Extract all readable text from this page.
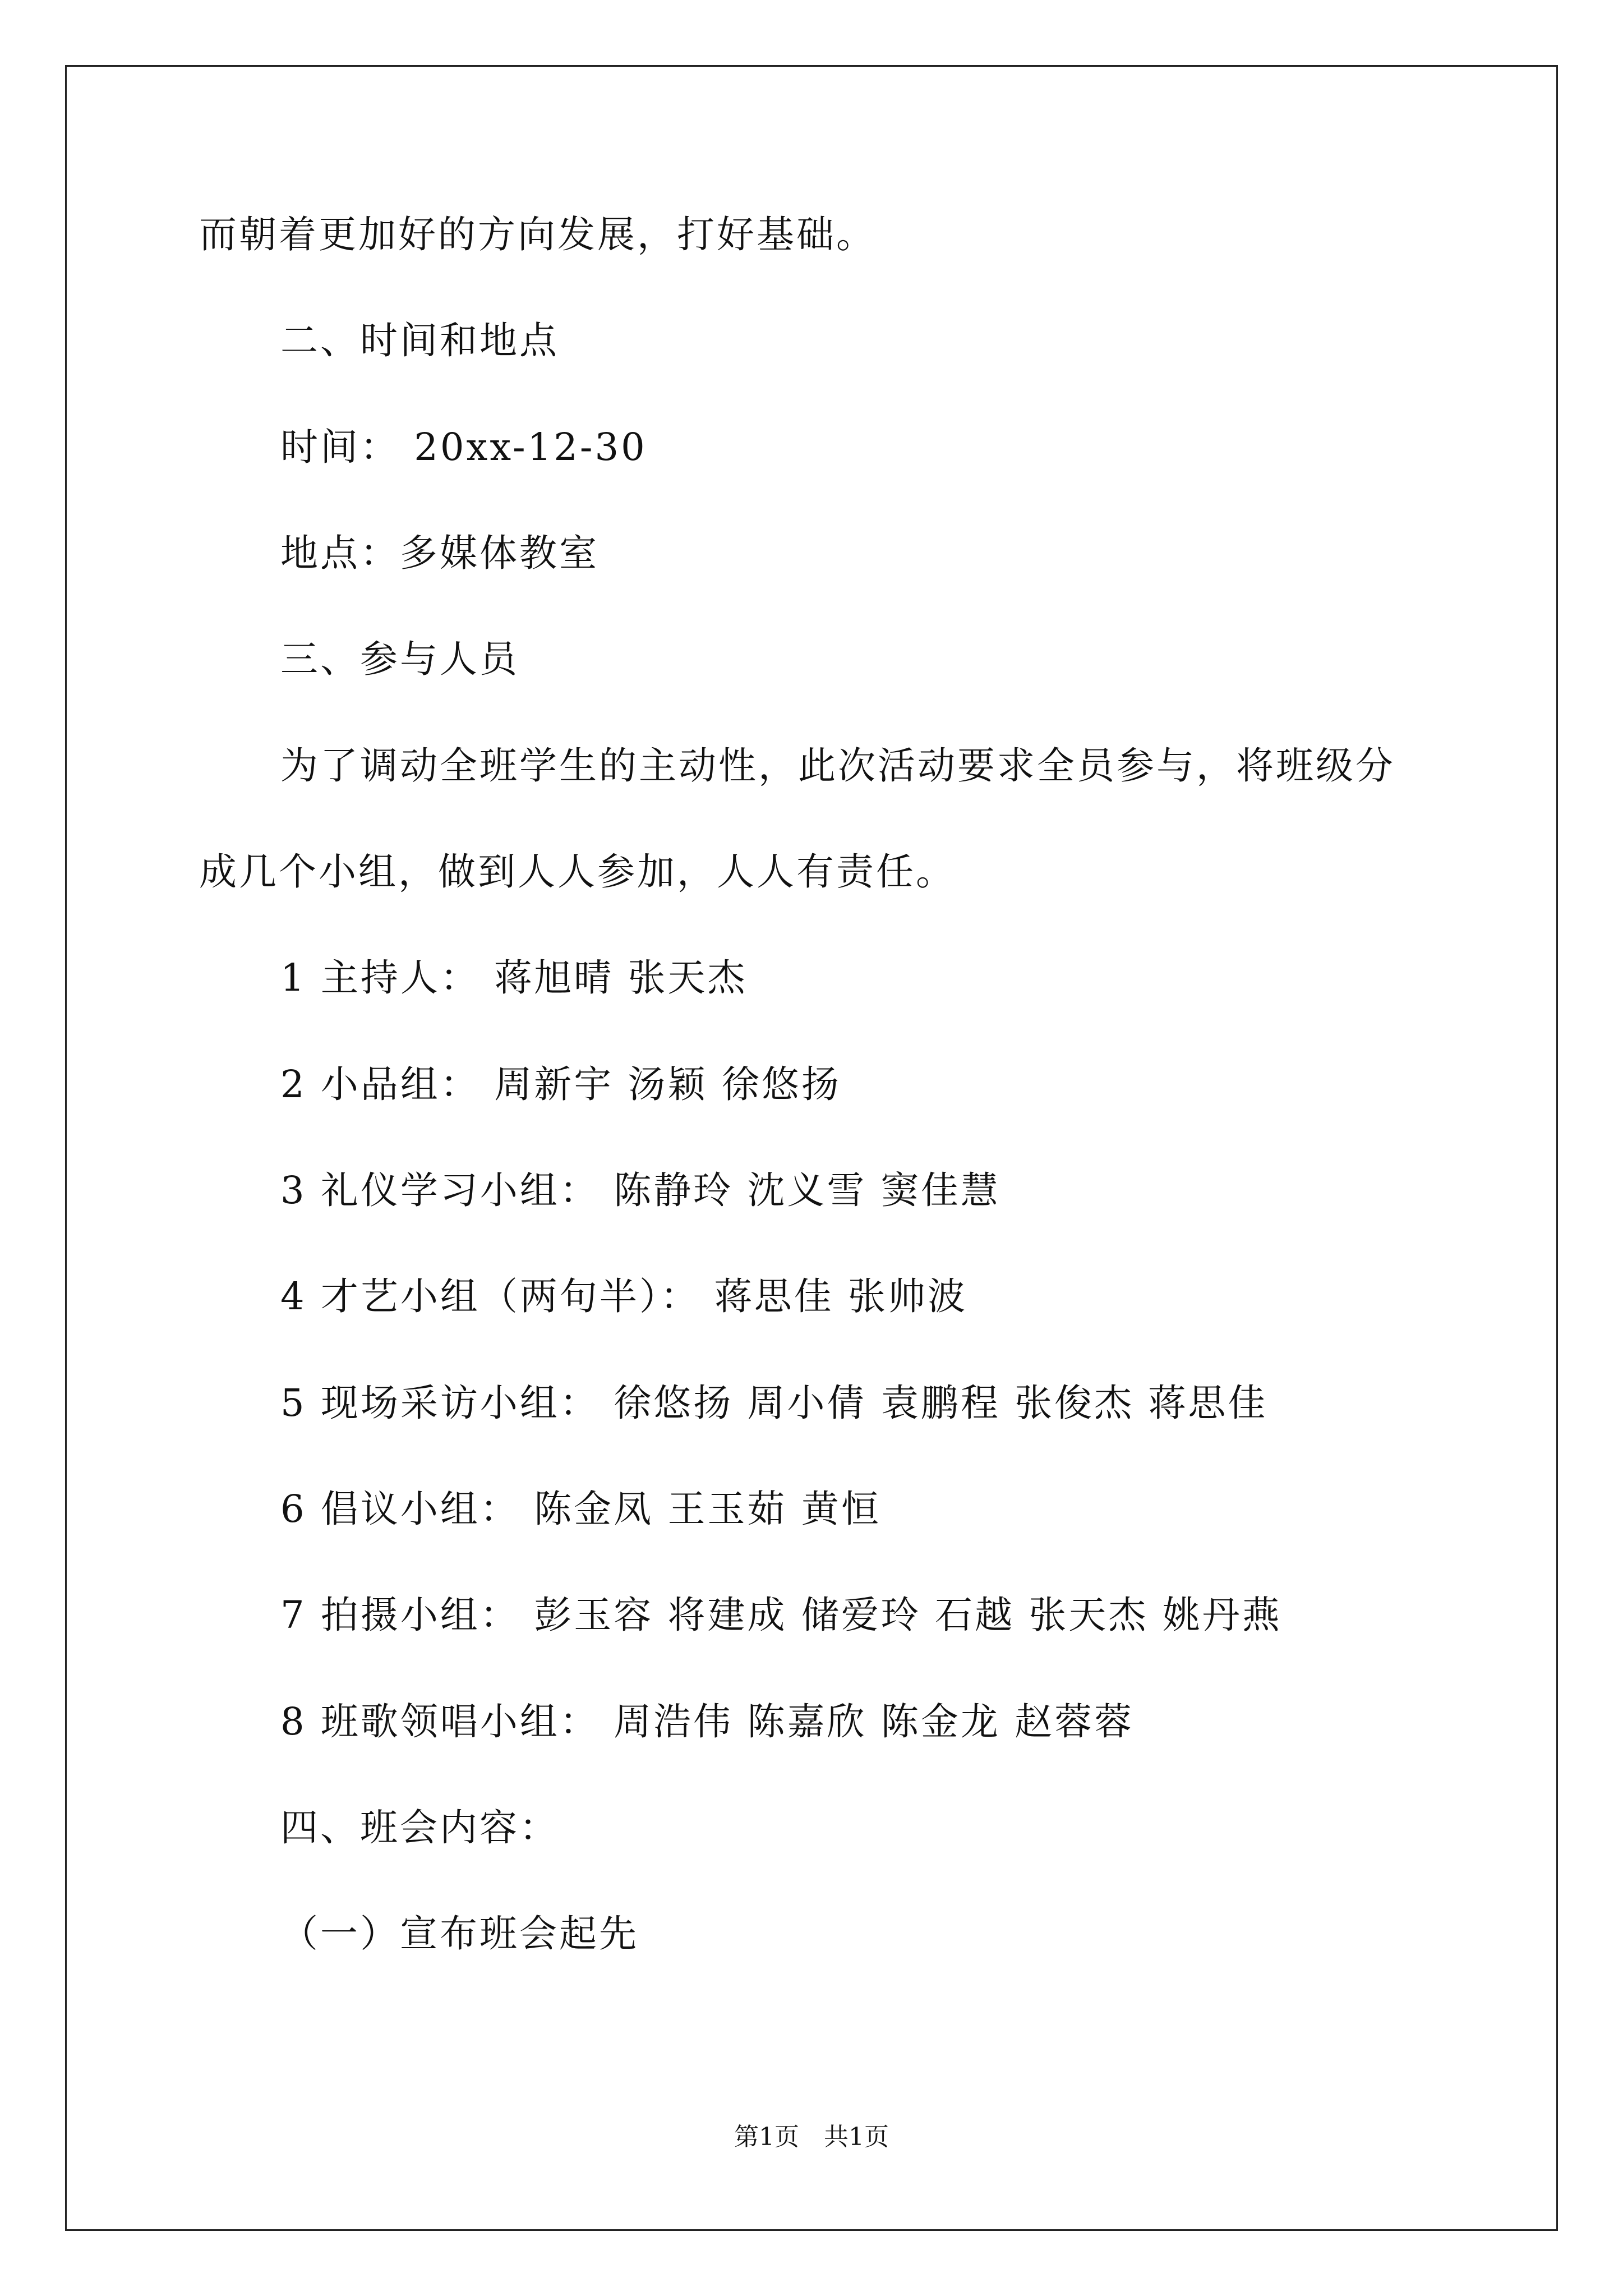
而朝着更加好的方向发展，打好基础。
二、时间和地点
时间： 20xx-12-30
地点：多媒体教室
三、参与人员
为了调动全班学生的主动性，此次活动要求全员参与，将班级分
成几个小组，做到人人参加，人人有责任。
1 主持人： 蒋旭晴 张天杰
2 小品组： 周新宇 汤颖 徐悠扬
3 礼仪学习小组： 陈静玲 沈义雪 窦佳慧
4 才艺小组（两句半）： 蒋思佳 张帅波
5 现场采访小组： 徐悠扬 周小倩 袁鹏程 张俊杰 蒋思佳
6 倡议小组： 陈金凤 王玉茹 黄恒
7 拍摄小组： 彭玉容 将建成 储爱玲 石越 张天杰 姚丹燕
8 班歌领唱小组： 周浩伟 陈嘉欣 陈金龙 赵蓉蓉
四、班会内容：
（一）宣布班会起先
第1页　共1页
